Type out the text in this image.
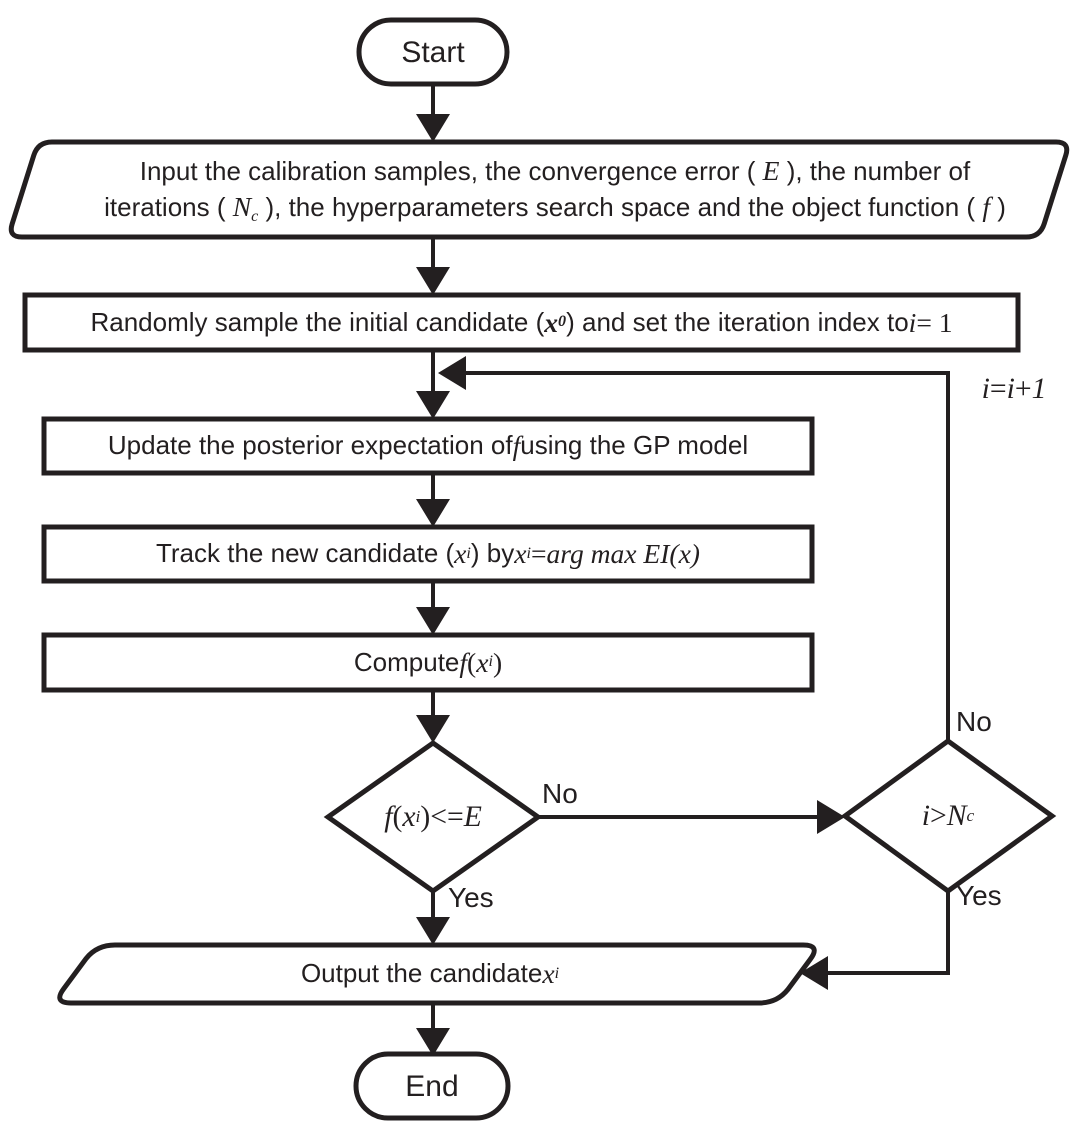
Start
Input the calibration samples, the convergence error ( E ), the number of
iterations ( $N_c$ ), the hyperparameters search space and the object function ( f )
Randomly sample the initial candidate ( x 0 ) and set the iteration index to i = 1
Update the posterior expectation of f using the GP model
Track the new candidate ( x i ) by x i = arg max EI(x)
Compute f ( x i )
f ( x i )<= E	i > N c
Output the candidate x i
End
No
Yes
No
Yes
i = i + 1
